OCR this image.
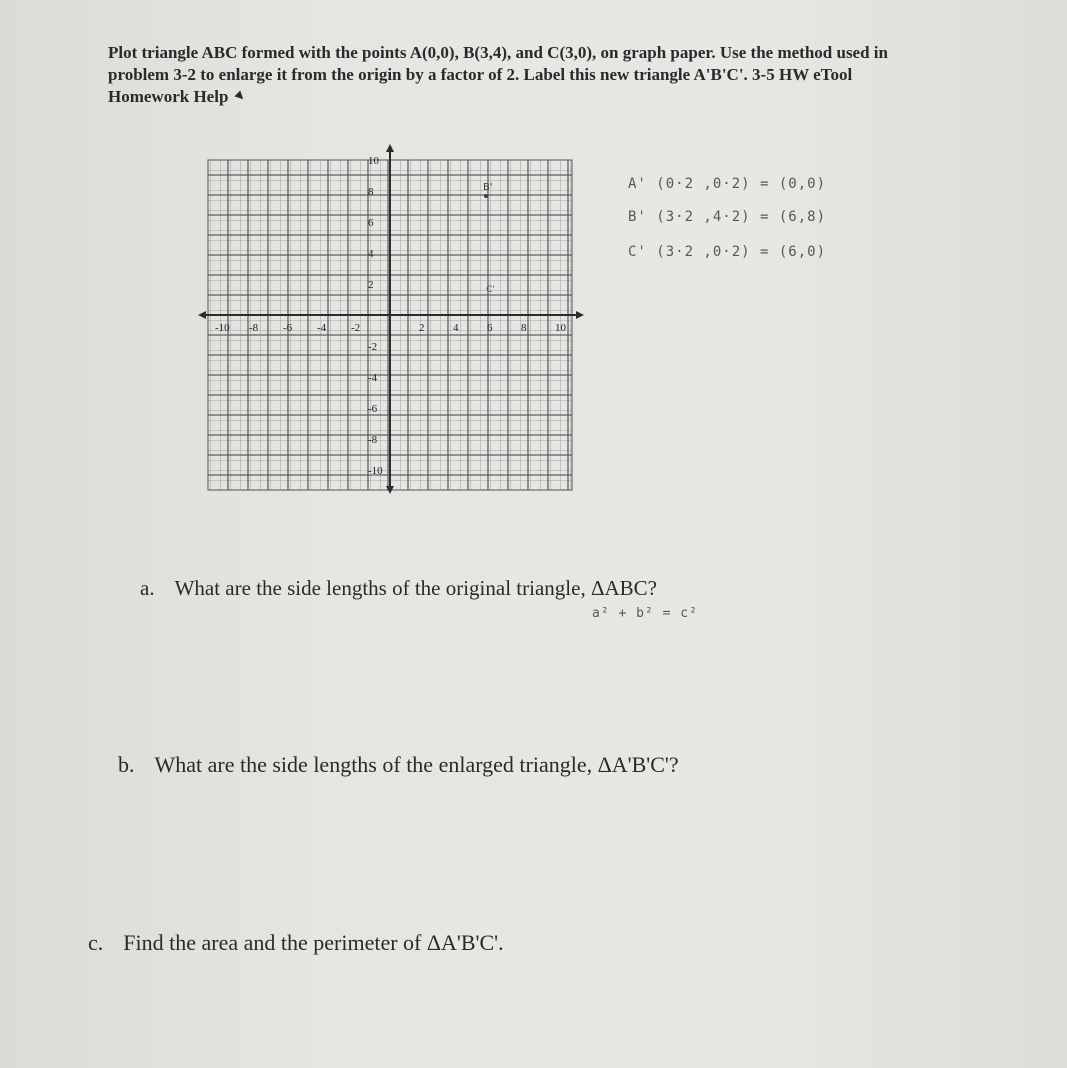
Plot triangle ABC formed with the points A(0,0), B(3,4), and C(3,0), on graph paper. Use the method used in
problem 3-2 to enlarge it from the origin by a factor of 2. Label this new triangle A'B'C'. 3-5 HW eTool
Homework Help ▼
-10 -8 -6 -4 -2	2	4	6	8	10
10
8
6
4
2
-2
-4
-6
-8
-10
B'
C'
A' (0·2 ,0·2) = (0,0)
B' (3·2 ,4·2) = (6,8)
C' (3·2 ,0·2) = (6,0)
a. What are the side lengths of the original triangle, ΔABC?
a² + b² = c²
b. What are the side lengths of the enlarged triangle, ΔA'B'C'?
c. Find the area and the perimeter of ΔA'B'C'.
